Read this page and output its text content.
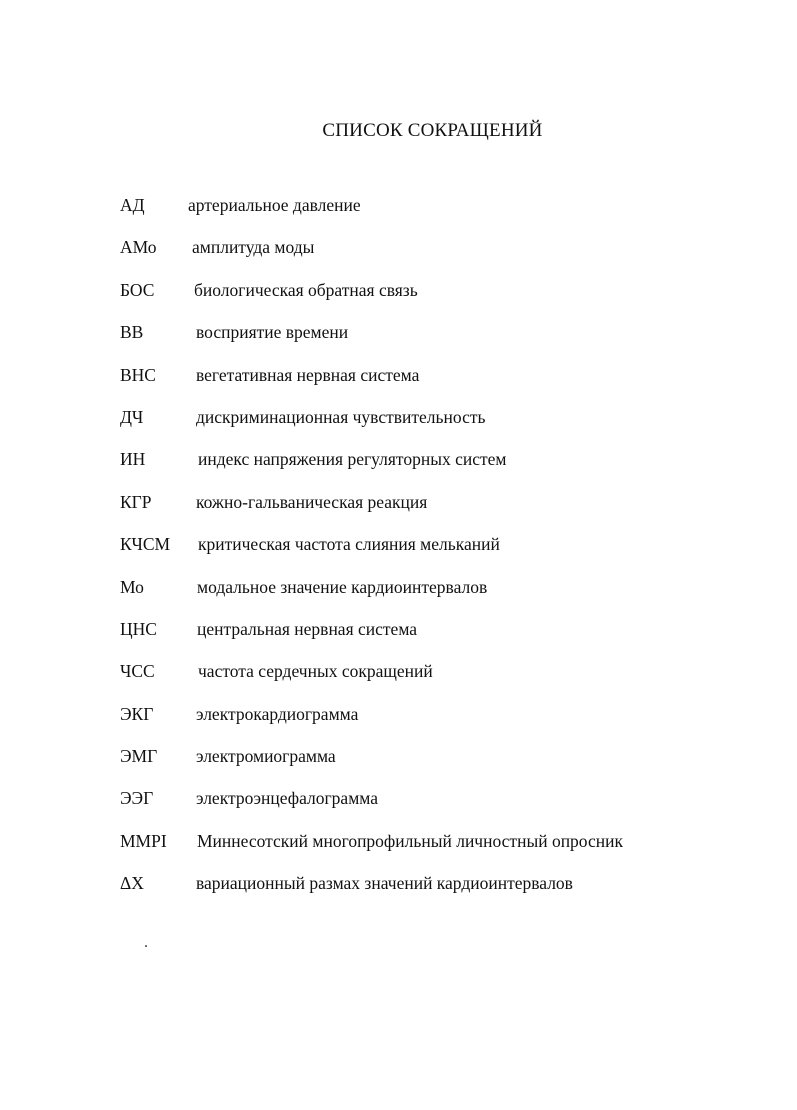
СПИСОК СОКРАЩЕНИЙ
АД	артериальное давление
АМо	амплитуда моды
БОС	биологическая обратная связь
ВВ	восприятие времени
ВНС	вегетативная нервная система
ДЧ	дискриминационная чувствительность
ИН	индекс напряжения регуляторных систем
КГР	кожно-гальваническая реакция
КЧСМ	критическая частота слияния мельканий
Мо	модальное значение кардиоинтервалов
ЦНС	центральная нервная система
ЧСС	частота сердечных сокращений
ЭКГ	электрокардиограмма
ЭМГ	электромиограмма
ЭЭГ	электроэнцефалограмма
MMPI	Миннесотский многопрофильный личностный опросник
ΔХ	вариационный размах значений кардиоинтервалов
.
